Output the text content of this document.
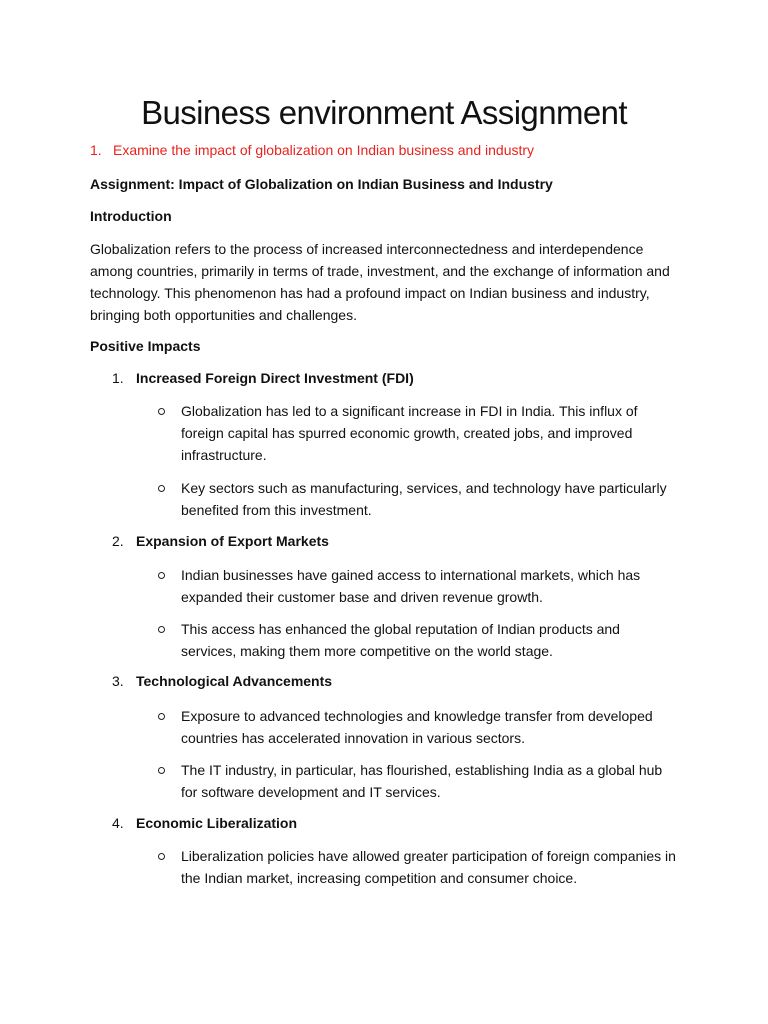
Business environment Assignment
1. Examine the impact of globalization on Indian business and industry
Assignment: Impact of Globalization on Indian Business and Industry
Introduction
Globalization refers to the process of increased interconnectedness and interdependence among countries, primarily in terms of trade, investment, and the exchange of information and technology. This phenomenon has had a profound impact on Indian business and industry, bringing both opportunities and challenges.
Positive Impacts
1. Increased Foreign Direct Investment (FDI)
Globalization has led to a significant increase in FDI in India. This influx of foreign capital has spurred economic growth, created jobs, and improved infrastructure.
Key sectors such as manufacturing, services, and technology have particularly benefited from this investment.
2. Expansion of Export Markets
Indian businesses have gained access to international markets, which has expanded their customer base and driven revenue growth.
This access has enhanced the global reputation of Indian products and services, making them more competitive on the world stage.
3. Technological Advancements
Exposure to advanced technologies and knowledge transfer from developed countries has accelerated innovation in various sectors.
The IT industry, in particular, has flourished, establishing India as a global hub for software development and IT services.
4. Economic Liberalization
Liberalization policies have allowed greater participation of foreign companies in the Indian market, increasing competition and consumer choice.
